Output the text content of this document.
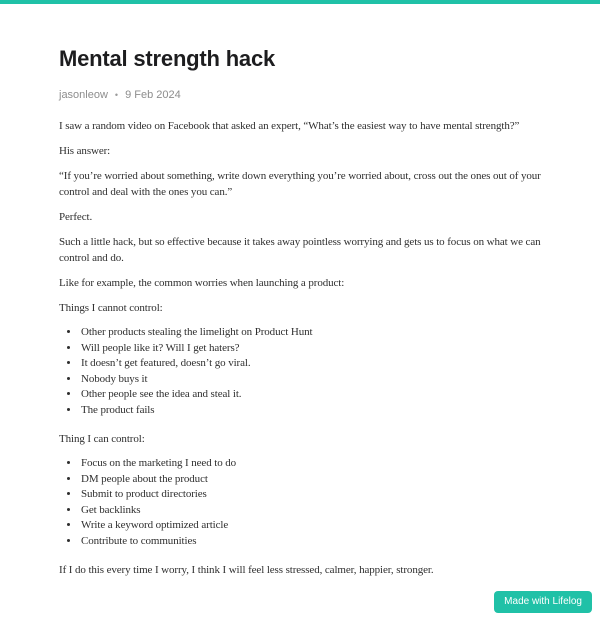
Mental strength hack
jasonleow • 9 Feb 2024

I saw a random video on Facebook that asked an expert, “What’s the easiest way to have mental strength?”

His answer:

“If you’re worried about something, write down everything you’re worried about, cross out the ones out of your control and deal with the ones you can.”

Perfect.

Such a little hack, but so effective because it takes away pointless worrying and gets us to focus on what we can control and do.

Like for example, the common worries when launching a product:

Things I cannot control:

• Other products stealing the limelight on Product Hunt
• Will people like it? Will I get haters?
• It doesn’t get featured, doesn’t go viral.
• Nobody buys it
• Other people see the idea and steal it.
• The product fails

Thing I can control:

• Focus on the marketing I need to do
• DM people about the product
• Submit to product directories
• Get backlinks
• Write a keyword optimized article
• Contribute to communities

If I do this every time I worry, I think I will feel less stressed, calmer, happier, stronger.

Made with Lifelog
